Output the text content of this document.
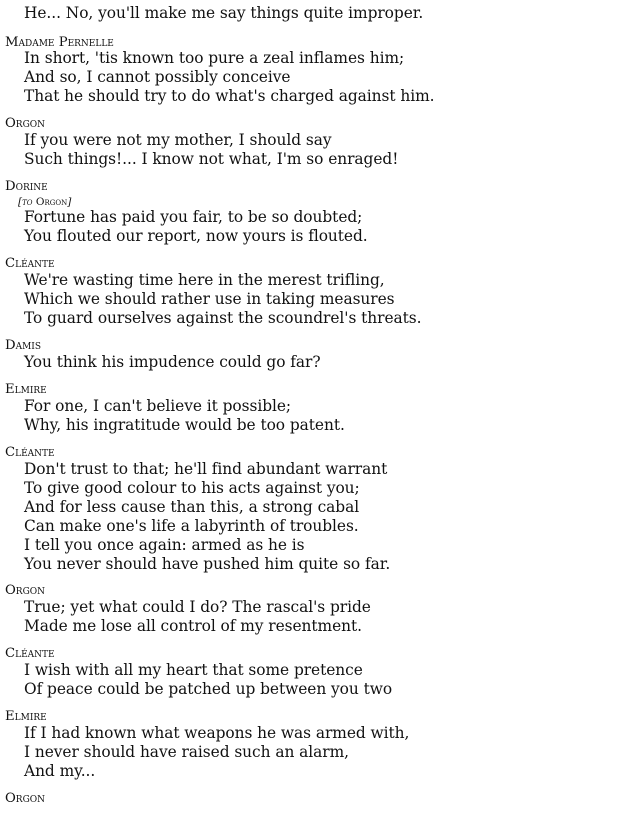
He... No, you'll make me say things quite improper.
Madame Pernelle
In short, 'tis known too pure a zeal inflames him;
And so, I cannot possibly conceive
That he should try to do what's charged against him.
Orgon
If you were not my mother, I should say
Such things!... I know not what, I'm so enraged!
Dorine
[to Orgon]
Fortune has paid you fair, to be so doubted;
You flouted our report, now yours is flouted.
Cléante
We're wasting time here in the merest trifling,
Which we should rather use in taking measures
To guard ourselves against the scoundrel's threats.
Damis
You think his impudence could go far?
Elmire
For one, I can't believe it possible;
Why, his ingratitude would be too patent.
Cléante
Don't trust to that; he'll find abundant warrant
To give good colour to his acts against you;
And for less cause than this, a strong cabal
Can make one's life a labyrinth of troubles.
I tell you once again: armed as he is
You never should have pushed him quite so far.
Orgon
True; yet what could I do? The rascal's pride
Made me lose all control of my resentment.
Cléante
I wish with all my heart that some pretence
Of peace could be patched up between you two
Elmire
If I had known what weapons he was armed with,
I never should have raised such an alarm,
And my...
Orgon
